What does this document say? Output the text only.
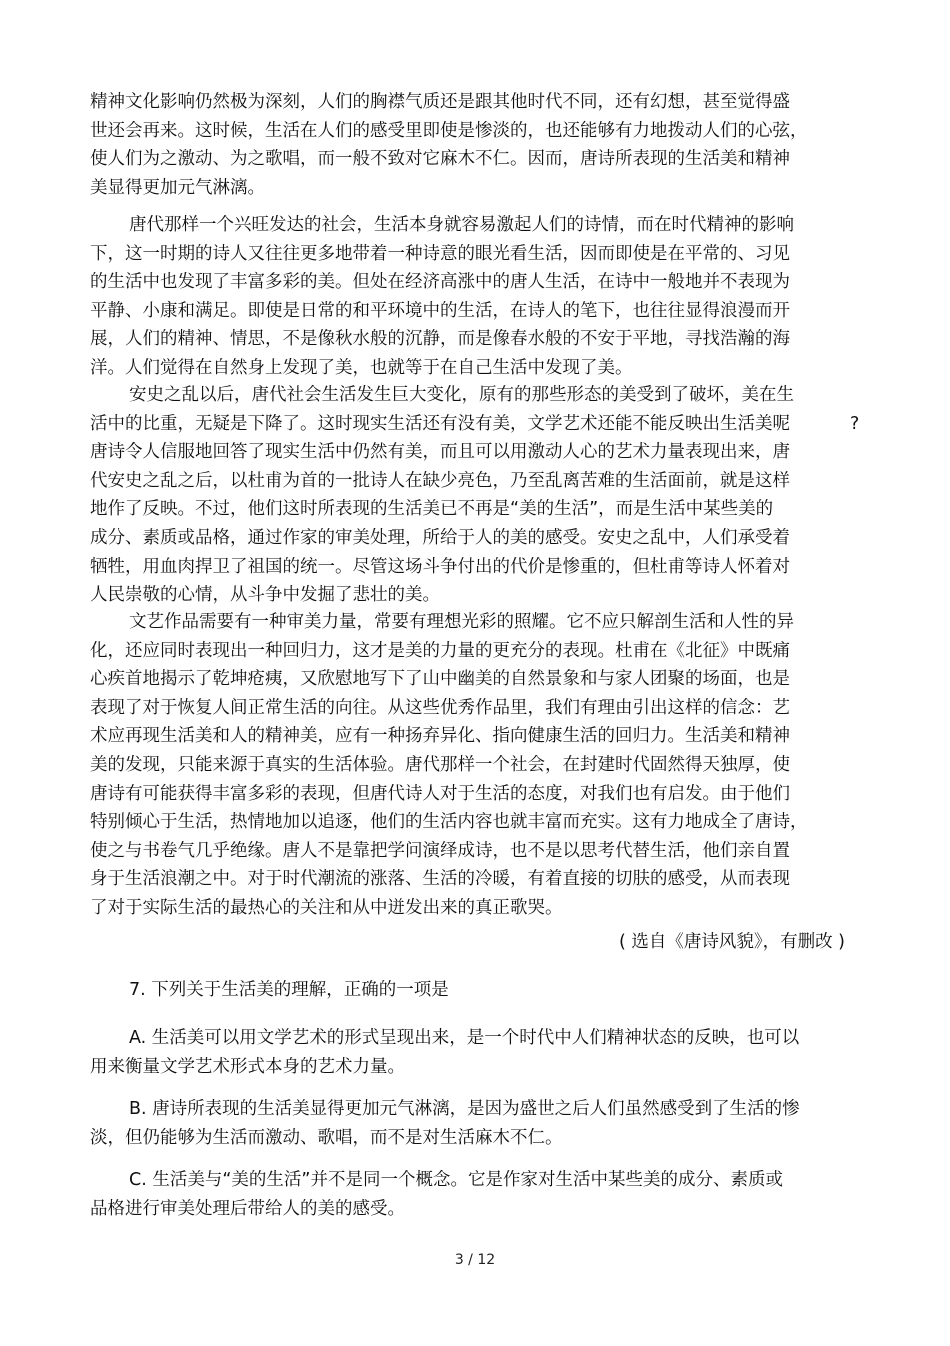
精神文化影响仍然极为深刻，人们的胸襟气质还是跟其他时代不同，还有幻想，甚至觉得盛
世还会再来。这时候，生活在人们的感受里即使是惨淡的，也还能够有力地拨动人们的心弦，
使人们为之激动、为之歌唱，而一般不致对它麻木不仁。因而，唐诗所表现的生活美和精神
美显得更加元气淋漓。
唐代那样一个兴旺发达的社会，生活本身就容易激起人们的诗情，而在时代精神的影响
下，这一时期的诗人又往往更多地带着一种诗意的眼光看生活，因而即使是在平常的、习见
的生活中也发现了丰富多彩的美。但处在经济高涨中的唐人生活，在诗中一般地并不表现为
平静、小康和满足。即使是日常的和平环境中的生活，在诗人的笔下，也往往显得浪漫而开
展，人们的精神、情思，不是像秋水般的沉静，而是像春水般的不安于平地，寻找浩瀚的海
洋。人们觉得在自然身上发现了美，也就等于在自己生活中发现了美。
安史之乱以后，唐代社会生活发生巨大变化，原有的那些形态的美受到了破坏，美在生
活中的比重，无疑是下降了。这时现实生活还有没有美，文学艺术还能不能反映出生活美呢
唐诗令人信服地回答了现实生活中仍然有美，而且可以用激动人心的艺术力量表现出来，唐
代安史之乱之后，以杜甫为首的一批诗人在缺少亮色，乃至乱离苦难的生活面前，就是这样
地作了反映。不过，他们这时所表现的生活美已不再是“美的生活”，而是生活中某些美的
成分、素质或品格，通过作家的审美处理，所给于人的美的感受。安史之乱中，人们承受着
牺牲，用血肉捍卫了祖国的统一。尽管这场斗争付出的代价是惨重的，但杜甫等诗人怀着对
人民崇敬的心情，从斗争中发掘了悲壮的美。
?
文艺作品需要有一种审美力量，常要有理想光彩的照耀。它不应只解剖生活和人性的异
化，还应同时表现出一种回归力，这才是美的力量的更充分的表现。杜甫在《北征》中既痛
心疾首地揭示了乾坤疮痍，又欣慰地写下了山中幽美的自然景象和与家人团聚的场面，也是
表现了对于恢复人间正常生活的向往。从这些优秀作品里，我们有理由引出这样的信念：艺
术应再现生活美和人的精神美，应有一种扬弃异化、指向健康生活的回归力。生活美和精神
美的发现，只能来源于真实的生活体验。唐代那样一个社会，在封建时代固然得天独厚，使
唐诗有可能获得丰富多彩的表现，但唐代诗人对于生活的态度，对我们也有启发。由于他们
特别倾心于生活，热情地加以追逐，他们的生活内容也就丰富而充实。这有力地成全了唐诗，
使之与书卷气几乎绝缘。唐人不是靠把学问演绎成诗，也不是以思考代替生活，他们亲自置
身于生活浪潮之中。对于时代潮流的涨落、生活的冷暖，有着直接的切肤的感受，从而表现
了对于实际生活的最热心的关注和从中迸发出来的真正歌哭。
( 选自《唐诗风貌》，有删改 )
7. 下列关于生活美的理解，正确的一项是
A. 生活美可以用文学艺术的形式呈现出来，是一个时代中人们精神状态的反映，也可以
用来衡量文学艺术形式本身的艺术力量。
B. 唐诗所表现的生活美显得更加元气淋漓，是因为盛世之后人们虽然感受到了生活的惨
淡，但仍能够为生活而激动、歌唱，而不是对生活麻木不仁。
C. 生活美与“美的生活”并不是同一个概念。它是作家对生活中某些美的成分、素质或
品格进行审美处理后带给人的美的感受。
3 / 12
